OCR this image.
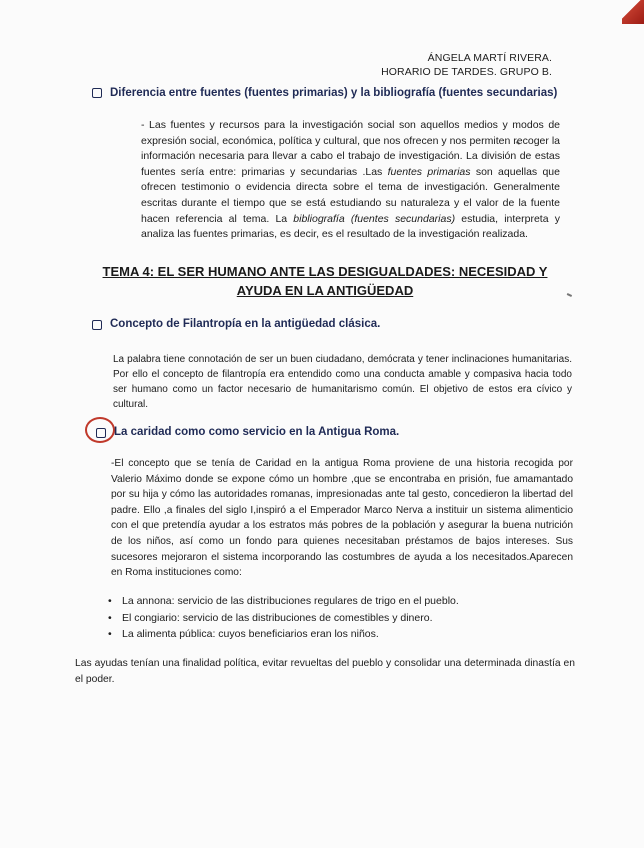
ÁNGELA MARTÍ RIVERA.
HORARIO DE TARDES. GRUPO B.
Diferencia entre fuentes (fuentes primarias) y la bibliografía (fuentes secundarias)
- Las fuentes y recursos para la investigación social son aquellos medios y modos de expresión social, económica, política y cultural, que nos ofrecen y nos permiten recoger la información necesaria para llevar a cabo el trabajo de investigación. La división de estas fuentes sería entre: primarias y secundarias .Las fuentes primarias son aquellas que ofrecen testimonio o evidencia directa sobre el tema de investigación. Generalmente escritas durante el tiempo que se está estudiando su naturaleza y el valor de la fuente hacen referencia al tema. La bibliografía (fuentes secundarias) estudia, interpreta y analiza las fuentes primarias, es decir, es el resultado de la investigación realizada.
TEMA 4: EL SER HUMANO ANTE LAS DESIGUALDADES: NECESIDAD Y
AYUDA EN LA ANTIGÜEDAD
Concepto de Filantropía en la antigüedad clásica.
La palabra tiene connotación de ser un buen ciudadano, demócrata y tener inclinaciones humanitarias. Por ello el concepto de filantropía era entendido como una conducta amable y compasiva hacia todo ser humano como un factor necesario de humanitarismo común. El objetivo de estos era cívico y cultural.
La caridad como como servicio en la Antigua Roma.
-El concepto que se tenía de Caridad en la antigua Roma proviene de una historia recogida por Valerio Máximo donde se expone cómo un hombre ,que se encontraba en prisión, fue amamantado por su hija y cómo las autoridades romanas, impresionadas ante tal gesto, concedieron la libertad del padre. Ello ,a finales del siglo I,inspiró a el Emperador Marco Nerva a instituir un sistema alimenticio con el que pretendía ayudar a los estratos más pobres de la población y asegurar la buena nutrición de los niños, así como un fondo para quienes necesitaban préstamos de bajos intereses. Sus sucesores mejoraron el sistema incorporando las costumbres de ayuda a los necesitados.Aparecen en Roma instituciones como:
• La annona: servicio de las distribuciones regulares de trigo en el pueblo.
• El congiario: servicio de las distribuciones de comestibles y dinero.
• La alimenta pública: cuyos beneficiarios eran los niños.
Las ayudas tenían una finalidad política, evitar revueltas del pueblo y consolidar una determinada dinastía en el poder.
